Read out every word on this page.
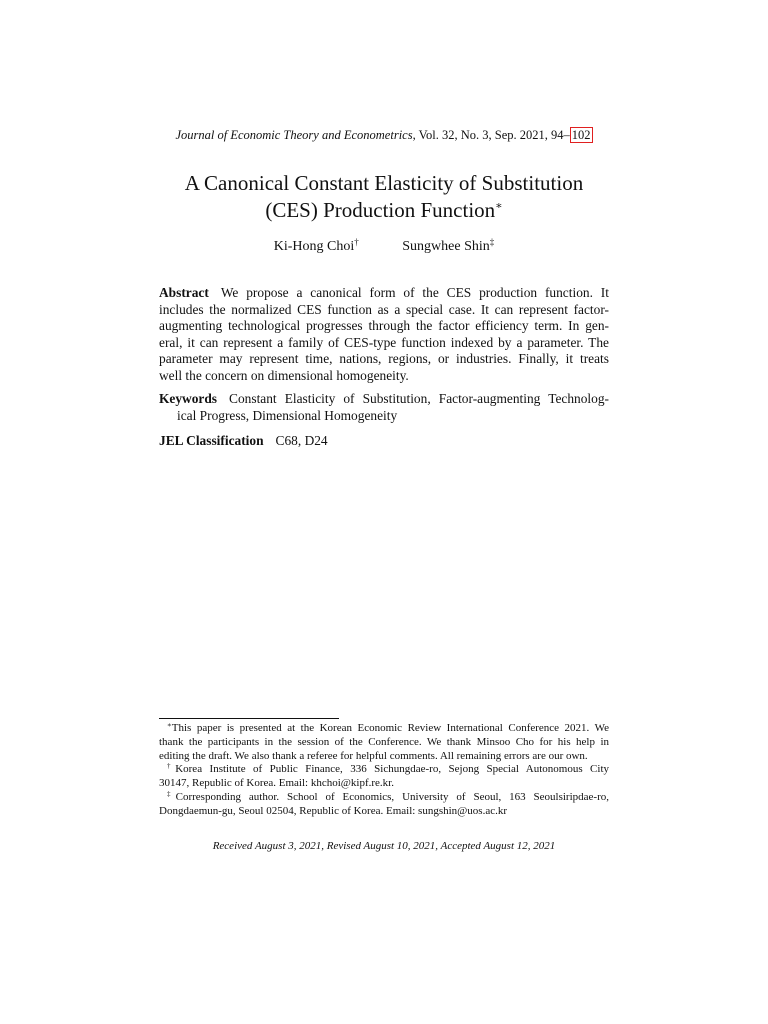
Journal of Economic Theory and Econometrics, Vol. 32, No. 3, Sep. 2021, 94– 102
A Canonical Constant Elasticity of Substitution
(CES) Production Function∗
Ki-Hong Choi†	Sungwhee Shin‡
Abstract We propose a canonical form of the CES production function. It
includes the normalized CES function as a special case. It can represent factor-
augmenting technological progresses through the factor efficiency term. In gen-
eral, it can represent a family of CES-type function indexed by a parameter. The
parameter may represent time, nations, regions, or industries. Finally, it treats
well the concern on dimensional homogeneity.
Keywords Constant Elasticity of Substitution, Factor-augmenting Technolog-
ical Progress, Dimensional Homogeneity
JEL Classification C68, D24
∗This paper is presented at the Korean Economic Review International Conference 2021. We
thank the participants in the session of the Conference. We thank Minsoo Cho for his help in
editing the draft. We also thank a referee for helpful comments. All remaining errors are our own.
†Korea Institute of Public Finance, 336 Sichungdae-ro, Sejong Special Autonomous City
30147, Republic of Korea. Email: khchoi@kipf.re.kr.
‡Corresponding author. School of Economics, University of Seoul, 163 Seoulsiripdae-ro,
Dongdaemun-gu, Seoul 02504, Republic of Korea. Email: sungshin@uos.ac.kr
Received August 3, 2021, Revised August 10, 2021, Accepted August 12, 2021
